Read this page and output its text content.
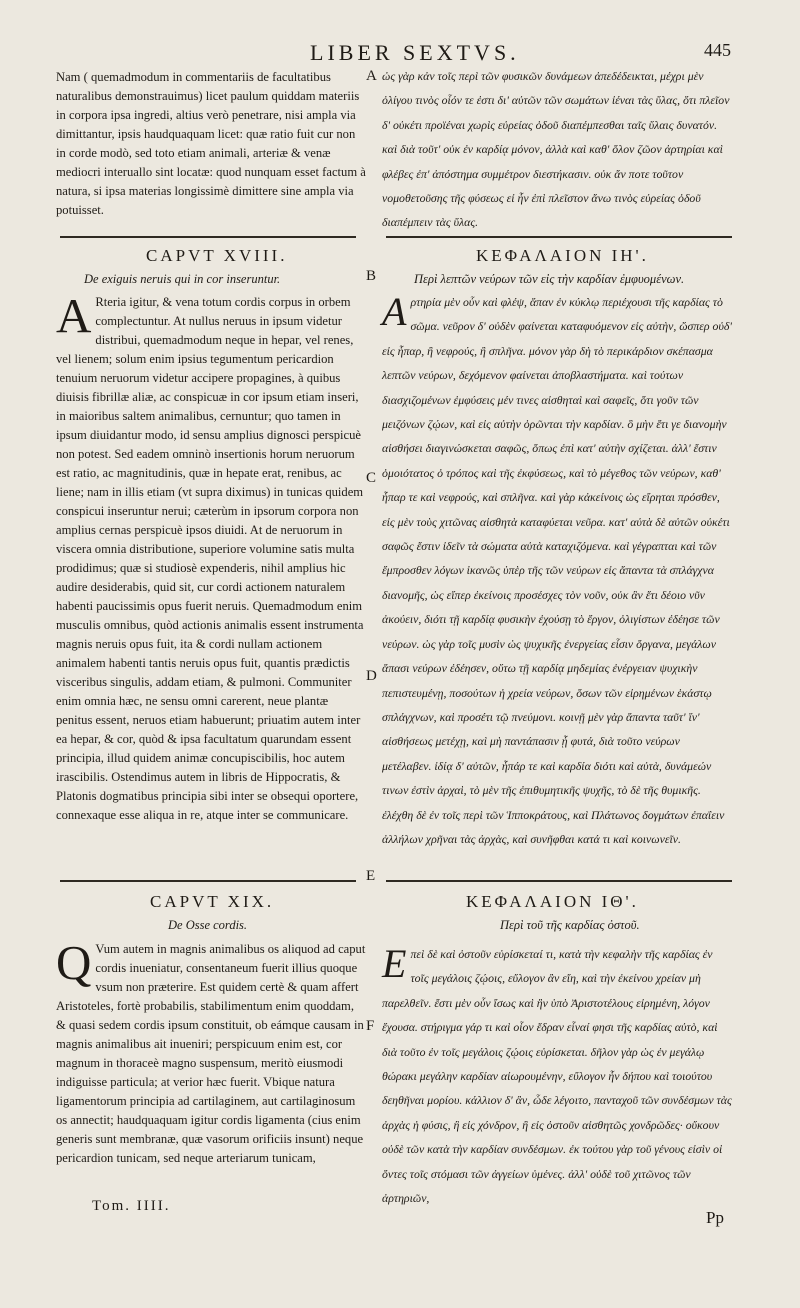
LIBER SEXTVS.	445

Nam ( quemadmodum in commentariis de facultatibus naturalibus demonstrauimus) licet paulum quiddam materiis in corpora ipsa ingredi, altius verò penetrare, nisi ampla via dimittantur, ipsis haudquaquam licet: quæ ratio fuit cur non in corde modò, sed toto etiam animali, arteriæ & venæ mediocri interuallo sint locatæ: quod nunquam esset factum à natura, si ipsa materias longissimè dimittere sine ampla via potuisset.

ὡς γὰρ κἀν τοῖς περὶ τῶν φυσικῶν δυνάμεων ἀπεδέδεικται, μέχρι μὲν ὀλίγου τινὸς οἷόν τε ἐστι δι' αὐτῶν τῶν σωμάτων ἰέναι τὰς ὕλας, ὅτι πλεῖον δ' οὐκέτι προϊέναι χωρὶς εὐρείας ὁδοῦ διαπέμπεσθαι ταῖς ὕλαις δυνατόν. καὶ διὰ τοῦτ' οὐκ ἐν καρδίᾳ μόνον, ἀλλὰ καὶ καθ' ὅλον ζῶον ἀρτηρίαι καὶ φλέβες ἐπ' ἀπόστημα συμμέτρον διεστήκασιν. οὐκ ἄν ποτε τοῦτον νομοθετοῦσης τῆς φύσεως εἰ ἦν ἐπὶ πλεῖστον ἄνω τινὸς εὐρείας ὁδοῦ διαπέμπειν τὰς ὕλας.

A
B
C
D
E
F
CAPVT XVIII.	ΚΕΦΑΛΑΙΟΝ ΙΗ'.
De exiguis neruis qui in cor inseruntur.	Περὶ λεπτῶν νεύρων τῶν εἰς τὴν καρδίαν ἐμφυομένων.

A Rteria igitur, & vena totum cordis corpus in orbem complectuntur. At nullus neruus in ipsum videtur distribui, quemadmodum neque in hepar, vel renes, vel lienem; solum enim ipsius tegumentum pericardion tenuium neruorum videtur accipere propagines, à quibus diuisis fibrillæ aliæ, ac conspicuæ in cor ipsum etiam inseri, in maioribus saltem animalibus, cernuntur; quo tamen in ipsum diuidantur modo, id sensu amplius dignosci perspicuè non potest. Sed eadem omninò insertionis horum neruorum est ratio, ac magnitudinis, quæ in hepate erat, renibus, ac liene; nam in illis etiam (vt supra diximus) in tunicas quidem conspicui inseruntur nerui; cæterùm in ipsorum corpora non amplius cernas perspicuè ipsos diuidi. At de neruorum in viscera omnia distributione, superiore volumine satis multa prodidimus; quæ si studiosè expenderis, nihil amplius hic audire desiderabis, quid sit, cur cordi actionem naturalem habenti paucissimis opus fuerit neruis. Quemadmodum enim musculis omnibus, quòd actionis animalis essent instrumenta magnis neruis opus fuit, ita & cordi nullam actionem animalem habenti tantis neruis opus fuit, quantis prædictis visceribus singulis, addam etiam, & pulmoni. Communiter enim omnia hæc, ne sensu omni carerent, neue plantæ penitus essent, neruos etiam habuerunt; priuatim autem inter ea hepar, & cor, quòd & ipsa facultatum quarundam essent principia, illud quidem animæ concupiscibilis, hoc autem irascibilis. Ostendimus autem in libris de Hippocratis, & Platonis dogmatibus principia sibi inter se obsequi oportere, connexaque esse aliqua in re, atque inter se communicare.

Αρτηρία μὲν οὖν καὶ φλέψ, ἅπαν ἐν κύκλῳ περιέχουσι τῆς καρδίας τὸ σῶμα. νεῦρον δ' οὐδὲν φαίνεται καταφυόμενον εἰς αὐτὴν, ὥσπερ οὐδ' εἰς ἧπαρ, ἢ νεφρούς, ἢ σπλῆνα. μόνον γὰρ δὴ τὸ περικάρδιον σκέπασμα λεπτῶν νεύρων, δεχόμενον φαίνεται ἀποβλαστήματα. καὶ τούτων διασχιζομένων ἐμφύσεις μέν τινες αἰσθηταὶ καὶ σαφεῖς, ὅτι γοῦν τῶν μειζόνων ζῴων, καὶ εἰς αὐτὴν ὁρῶνται τὴν καρδίαν. ὃ μὴν ἔτι γε διανομὴν αἰσθήσει διαγινώσκεται σαφῶς, ὅπως ἐπὶ κατ' αὐτὴν σχίζεται. ἀλλ' ἔστιν ὁμοιότατος ὁ τρόπος καὶ τῆς ἐκφύσεως, καὶ τὸ μέγεθος τῶν νεύρων, καθ' ἧπαρ τε καὶ νεφρούς, καὶ σπλῆνα. καὶ γὰρ κἀκείνοις ὡς εἴρηται πρόσθεν, εἰς μὲν τοὺς χιτῶνας αἰσθητὰ καταφύεται νεῦρα. κατ' αὐτὰ δὲ αὐτῶν οὐκέτι σαφῶς ἔστιν ἰδεῖν τὰ σώματα αὐτὰ καταχιζόμενα. καὶ γέγραπται καὶ τῶν ἔμπροσθεν λόγων ἱκανῶς ὑπὲρ τῆς τῶν νεύρων εἰς ἅπαντα τὰ σπλάγχνα διανομῆς, ὡς εἴπερ ἐκείνοις προσέσχες τὸν νοῦν, οὐκ ἂν ἔτι δέοιο νῦν ἀκούειν, διότι τῇ καρδίᾳ φυσικὴν ἐχούσῃ τὸ ἔργον, ὀλιγίστων ἐδέησε τῶν νεύρων. ὡς γὰρ τοῖς μυσὶν ὡς ψυχικῆς ἐνεργείας εἶσιν ὄργανα, μεγάλων ἅπασι νεύρων ἐδέησεν, οὕτω τῇ καρδίᾳ μηδεμίας ἐνέργειαν ψυχικὴν πεπιστευμένῃ, ποσούτων ἡ χρεία νεύρων, ὅσων τῶν εἰρημένων ἑκάστῳ σπλάγχνων, καὶ προσέτι τῷ πνεύμονι. κοινῇ μὲν γὰρ ἅπαντα ταῦτ' ἵν' αἰσθήσεως μετέχῃ, καὶ μὴ παντάπασιν ᾖ φυτά, διὰ τοῦτο νεύρων μετέλαβεν. ἰδίᾳ δ' αὐτῶν, ἧπάρ τε καὶ καρδία διότι καὶ αὐτὰ, δυνάμεών τινων ἐστὶν ἀρχαὶ, τὸ μὲν τῆς ἐπιθυμητικῆς ψυχῆς, τὸ δὲ τῆς θυμικῆς. ἐλέχθη δὲ ἐν τοῖς περὶ τῶν Ἱπποκράτους, καὶ Πλάτωνος δογμάτων ἐπαΐειν ἀλλήλων χρῆναι τὰς ἀρχὰς, καὶ συνῆφθαι κατά τι καὶ κοινωνεῖν.

CAPVT XIX.	ΚΕΦΑΛΑΙΟΝ ΙΘ'.
De Osse cordis.	Περὶ τοῦ τῆς καρδίας ὀστοῦ.

Q Vum autem in magnis animalibus os aliquod ad caput cordis inueniatur, consentaneum fuerit illius quoque vsum non præterire. Est quidem certè & quam affert Aristoteles, fortè probabilis, stabilimentum enim quoddam, & quasi sedem cordis ipsum constituit, ob eámque causam in magnis animalibus ait inueniri; perspicuum enim est, cor magnum in thoraceè magno suspensum, meritò eiusmodi indiguisse particula; at verior hæc fuerit. Vbique natura ligamentorum principia ad cartilaginem, aut cartilaginosum os annectit; haudquaquam igitur cordis ligamenta (cius enim generis sunt membranæ, quæ vasorum orificiis insunt) neque pericardion tunicam, sed neque arteriarum tunicam,

Επεὶ δὲ καὶ ὀστοῦν εὑρίσκεταί τι, κατὰ τὴν κεφαλὴν τῆς καρδίας ἐν τοῖς μεγάλοις ζῴοις, εὔλογον ἂν εἴη, καὶ τὴν ἐκείνου χρείαν μὴ παρελθεῖν. ἔστι μὲν οὖν ἴσως καὶ ἣν ὑπὸ Ἀριστοτέλους εἰρημένη, λόγον ἔχουσα. στήριγμα γάρ τι καὶ οἷον ἕδραν εἶναί φησι τῆς καρδίας αὐτὸ, καὶ διὰ τοῦτο ἐν τοῖς μεγάλοις ζῴοις εὑρίσκεται. δῆλον γὰρ ὡς ἐν μεγάλῳ θώρακι μεγάλην καρδίαν αἰωρουμένην, εὔλογον ἦν δήπου καὶ τοιούτου δεηθῆναι μορίου. κάλλιον δ' ἂν, ὧδε λέγοιτο, πανταχοῦ τῶν συνδέσμων τὰς ἀρχὰς ἡ φύσις, ἢ εἰς χόνδρον, ἢ εἰς ὀστοῦν αἰσθητῶς χονδρῶδες· οὔκουν οὐδὲ τῶν κατὰ τὴν καρδίαν συνδέσμων. ἐκ τούτου γὰρ τοῦ γένους εἰσὶν οἱ ὄντες τοῖς στόμασι τῶν ἀγγείων ὑμένες. ἀλλ' οὐδὲ τοῦ χιτῶνος τῶν ἀρτηριῶν,

Tom. IIII.
Pp
